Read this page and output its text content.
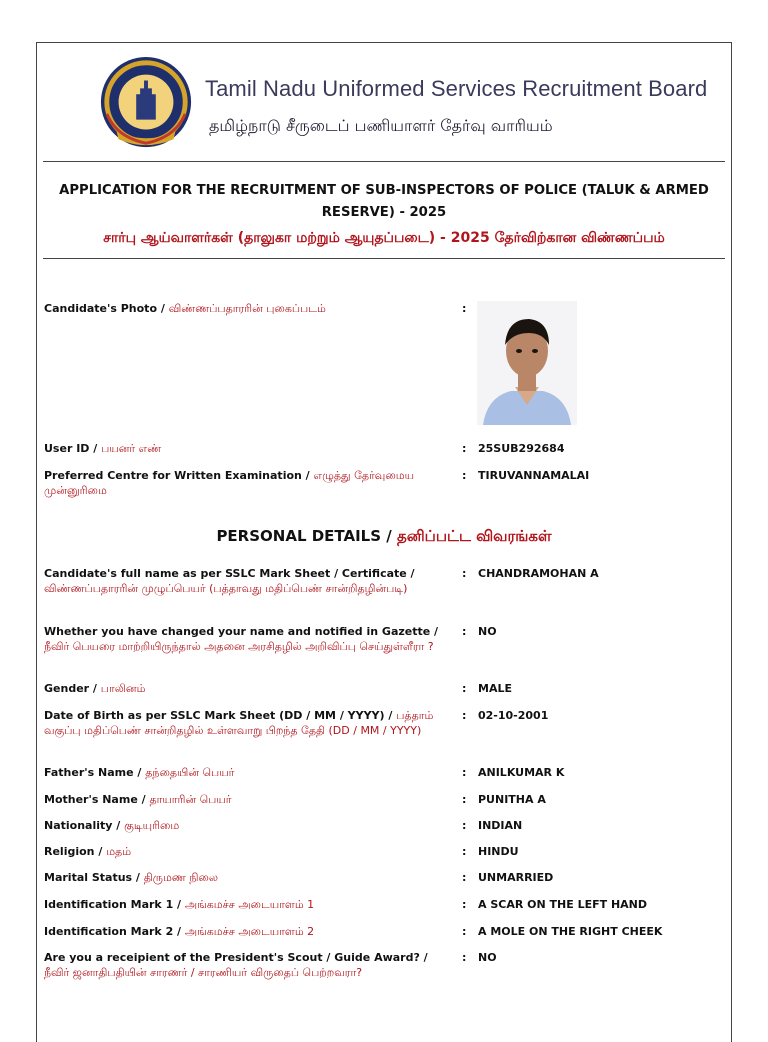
Tamil Nadu Uniformed Services Recruitment Board
தமிழ்நாடு சீருடைப் பணியாளர் தேர்வு வாரியம்
APPLICATION FOR THE RECRUITMENT OF SUB-INSPECTORS OF POLICE (TALUK & ARMED RESERVE) - 2025
சார்பு ஆய்வாளர்கள் (தாலுகா மற்றும் ஆயுதப்படை) - 2025 தேர்விற்கான விண்ணப்பம்
Candidate's Photo / விண்ணப்பதாரரின் புகைப்படம்	:
User ID / பயனர் எண்	: 25SUB292684
Preferred Centre for Written Examination / எழுத்து தேர்வுமைய முன்னுரிமை
: TIRUVANNAMALAI
PERSONAL DETAILS / தனிப்பட்ட விவரங்கள்
Candidate's full name as per SSLC Mark Sheet / Certificate / விண்ணப்பதாரரின் முழுப்பெயர் (பத்தாவது மதிப்பெண் சான்றிதழின்படி)
: CHANDRAMOHAN A
Whether you have changed your name and notified in Gazette / நீவிர் பெயரை மாற்றியிருந்தால் அதனை அரசிதழில் அறிவிப்பு செய்துள்ளீரா ?
: NO
Gender / பாலினம்	: MALE
Date of Birth as per SSLC Mark Sheet (DD / MM / YYYY) / பத்தாம் வகுப்பு மதிப்பெண் சான்றிதழில் உள்ளவாறு பிறந்த தேதி (DD / MM / YYYY)
: 02-10-2001
Father's Name / தந்தையின் பெயர்	: ANILKUMAR K
Mother's Name / தாயாரின் பெயர்	: PUNITHA A
Nationality / குடியுரிமை	: INDIAN
Religion / மதம்	: HINDU
Marital Status / திருமண நிலை	: UNMARRIED
Identification Mark 1 / அங்கமச்ச அடையாளம் 1	: A SCAR ON THE LEFT HAND
Identification Mark 2 / அங்கமச்ச அடையாளம் 2	: A MOLE ON THE RIGHT CHEEK
Are you a receipient of the President's Scout / Guide Award? / நீவிர் ஜனாதிபதியின் சாரணர் / சாரணியர் விருதைப் பெற்றவரா?
: NO
